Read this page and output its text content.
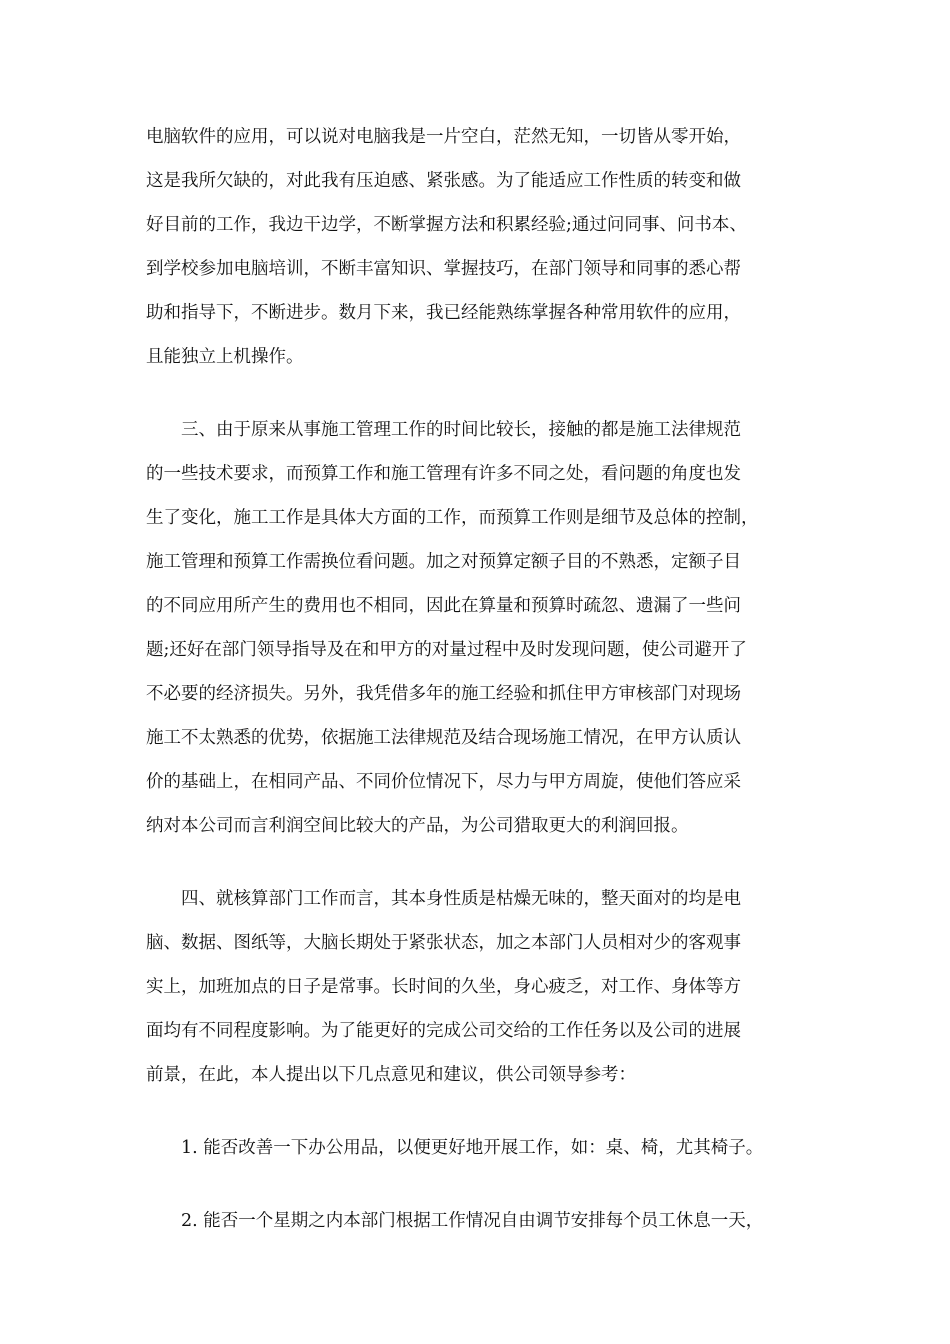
电脑软件的应用，可以说对电脑我是一片空白，茫然无知，一切皆从零开始，

这是我所欠缺的，对此我有压迫感、紧张感。为了能适应工作性质的转变和做

好目前的工作，我边干边学，不断掌握方法和积累经验;通过问同事、问书本、

到学校参加电脑培训，不断丰富知识、掌握技巧，在部门领导和同事的悉心帮

助和指导下，不断进步。数月下来，我已经能熟练掌握各种常用软件的应用，

且能独立上机操作。

三、由于原来从事施工管理工作的时间比较长，接触的都是施工法律规范

的一些技术要求，而预算工作和施工管理有许多不同之处，看问题的角度也发

生了变化，施工工作是具体大方面的工作，而预算工作则是细节及总体的控制，

施工管理和预算工作需换位看问题。加之对预算定额子目的不熟悉，定额子目

的不同应用所产生的费用也不相同，因此在算量和预算时疏忽、遗漏了一些问

题;还好在部门领导指导及在和甲方的对量过程中及时发现问题，使公司避开了

不必要的经济损失。另外，我凭借多年的施工经验和抓住甲方审核部门对现场

施工不太熟悉的优势，依据施工法律规范及结合现场施工情况，在甲方认质认

价的基础上，在相同产品、不同价位情况下，尽力与甲方周旋，使他们答应采

纳对本公司而言利润空间比较大的产品，为公司猎取更大的利润回报。

四、就核算部门工作而言，其本身性质是枯燥无味的，整天面对的均是电

脑、数据、图纸等，大脑长期处于紧张状态，加之本部门人员相对少的客观事

实上，加班加点的日子是常事。长时间的久坐，身心疲乏，对工作、身体等方

面均有不同程度影响。为了能更好的完成公司交给的工作任务以及公司的进展

前景，在此，本人提出以下几点意见和建议，供公司领导参考：

1. 能否改善一下办公用品，以便更好地开展工作，如：桌、椅，尤其椅子。

2. 能否一个星期之内本部门根据工作情况自由调节安排每个员工休息一天，
